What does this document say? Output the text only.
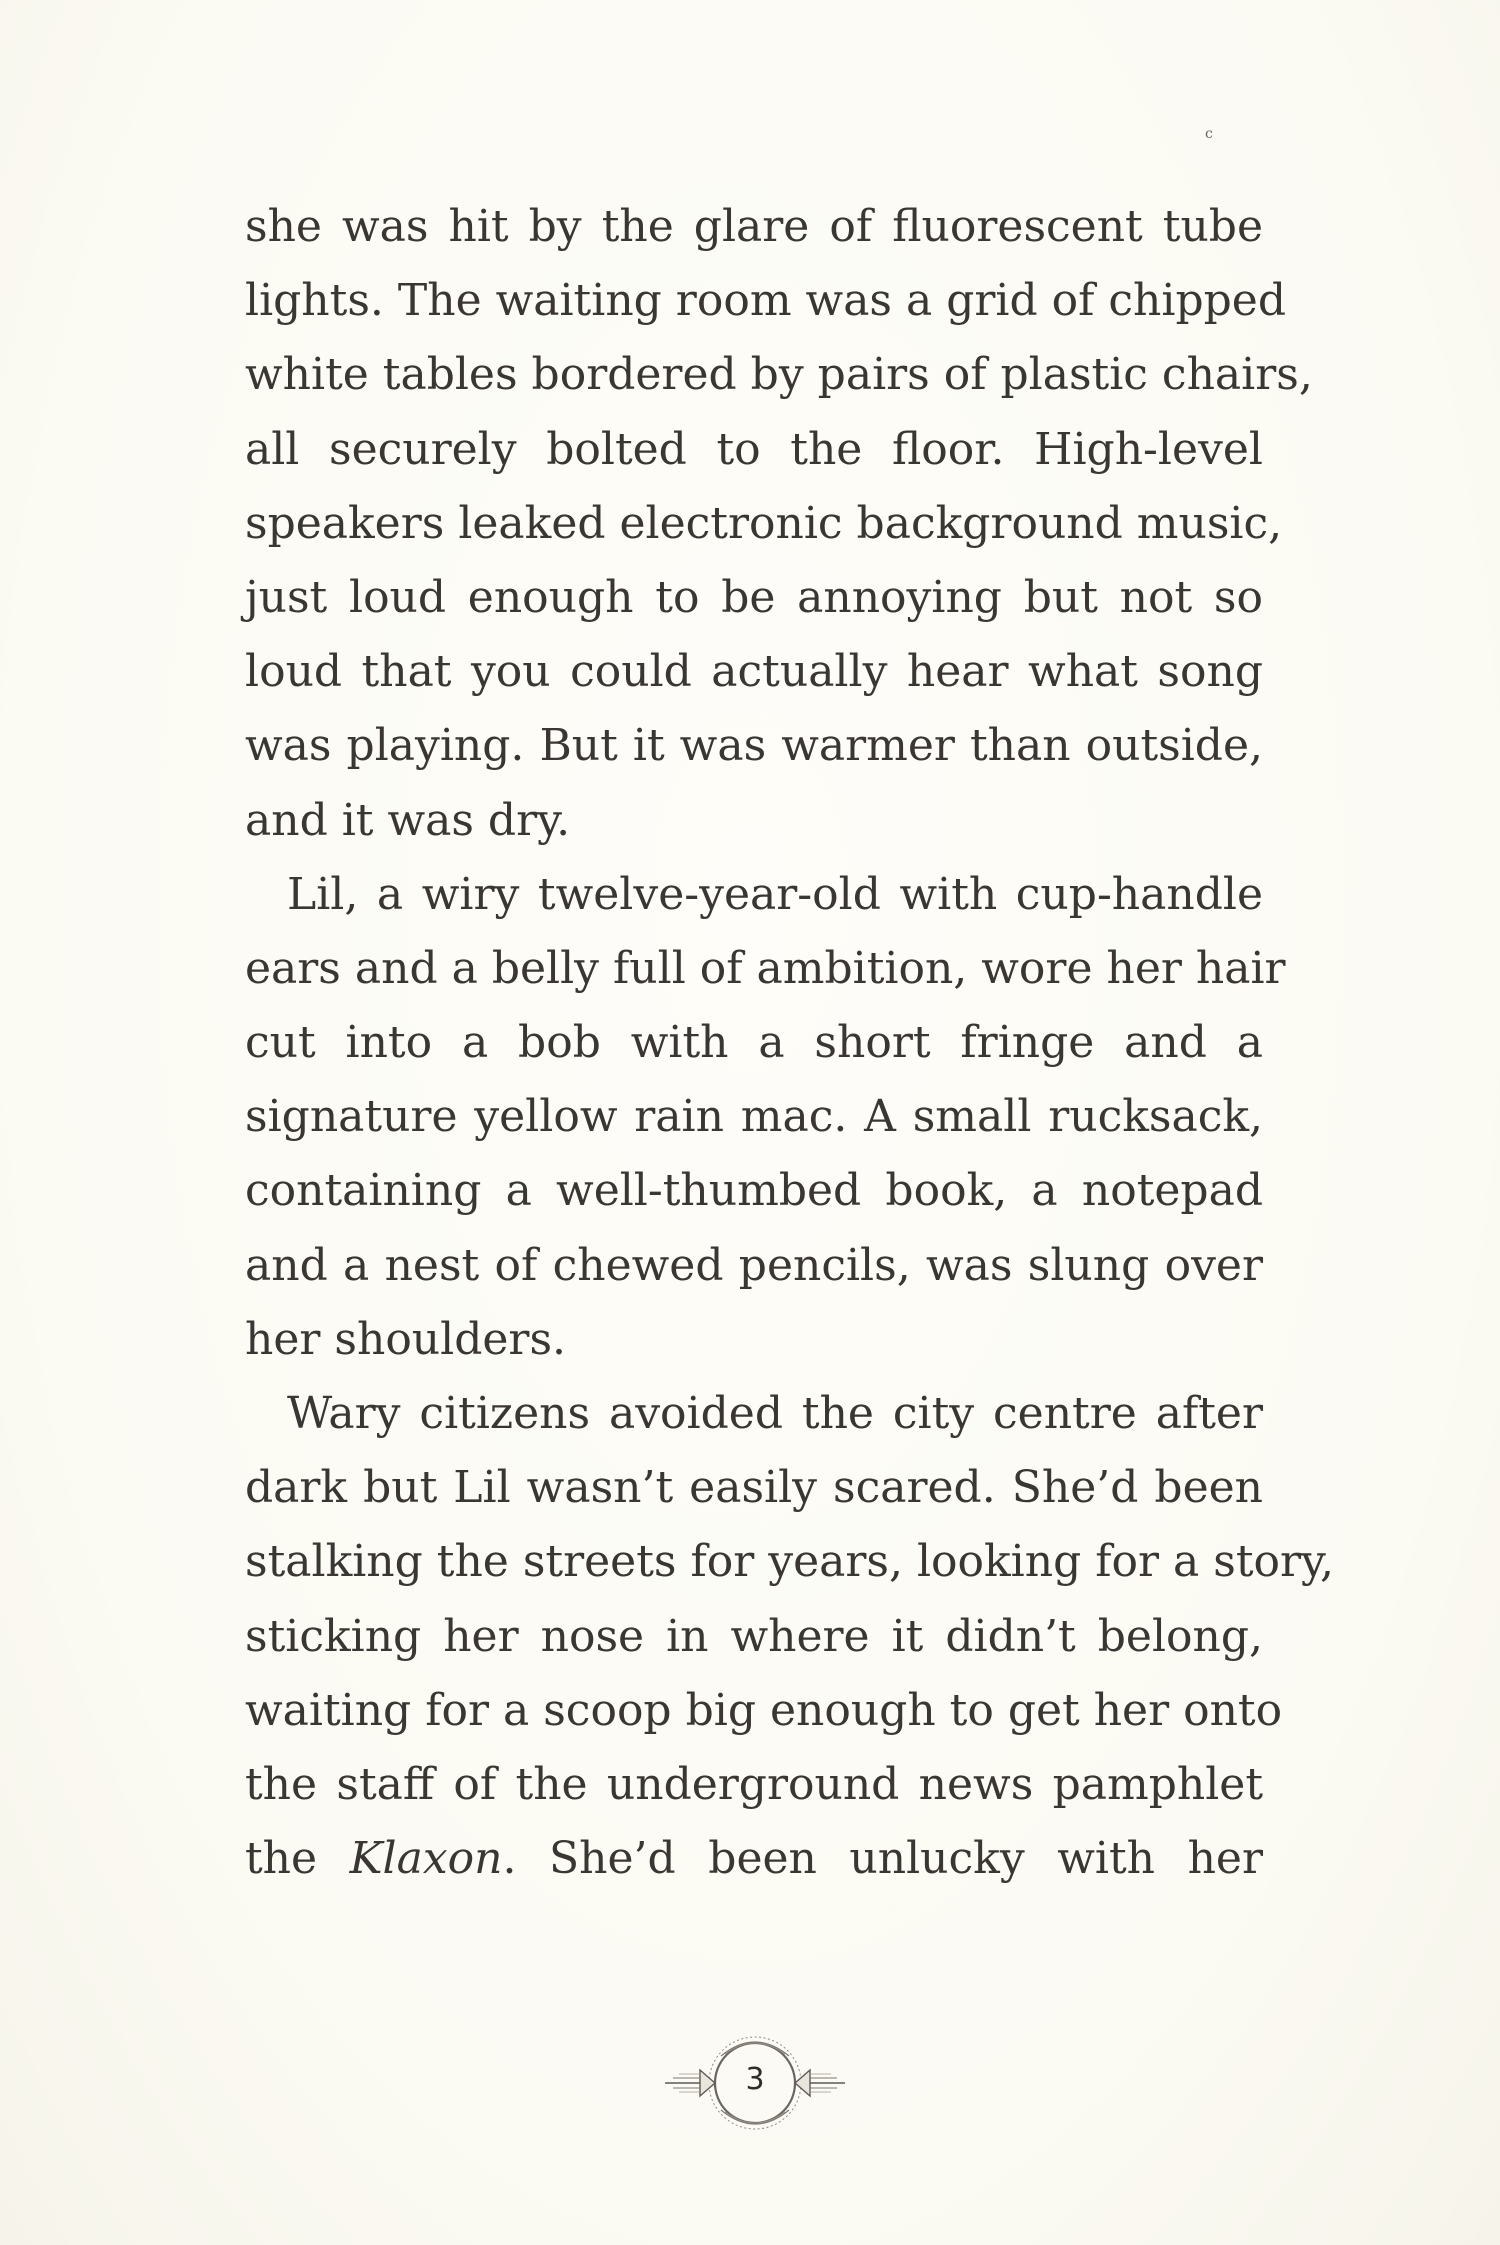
c
she was hit by the glare of fluorescent tube
lights. The waiting room was a grid of chipped
white tables bordered by pairs of plastic chairs,
all securely bolted to the floor. High-level
speakers leaked electronic background music,
just loud enough to be annoying but not so
loud that you could actually hear what song
was playing. But it was warmer than outside,
and it was dry.
Lil, a wiry twelve-year-old with cup-handle
ears and a belly full of ambition, wore her hair
cut into a bob with a short fringe and a
signature yellow rain mac. A small rucksack,
containing a well-thumbed book, a notepad
and a nest of chewed pencils, was slung over
her shoulders.
Wary citizens avoided the city centre after
dark but Lil wasn’t easily scared. She’d been
stalking the streets for years, looking for a story,
sticking her nose in where it didn’t belong,
waiting for a scoop big enough to get her onto
the staff of the underground news pamphlet
the Klaxon. She’d been unlucky with her
3
